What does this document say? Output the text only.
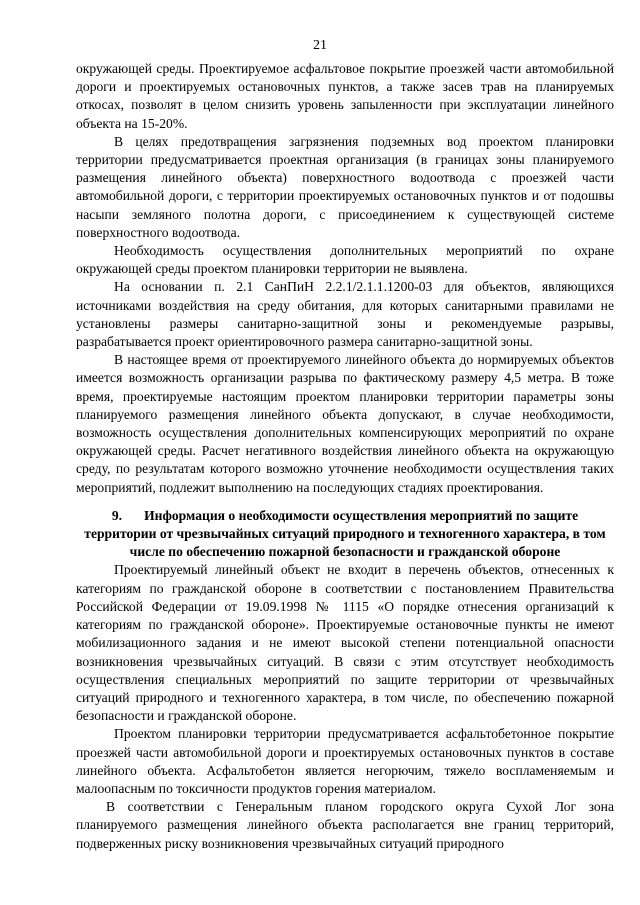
21

окружающей среды. Проектируемое асфальтовое покрытие проезжей части автомобильной дороги и проектируемых остановочных пунктов, а также засев трав на планируемых откосах, позволят в целом снизить уровень запыленности при эксплуатации линейного объекта на 15-20%.

В целях предотвращения загрязнения подземных вод проектом планировки территории предусматривается проектная организация (в границах зоны планируемого размещения линейного объекта) поверхностного водоотвода с проезжей части автомобильной дороги, с территории проектируемых остановочных пунктов и от подошвы насыпи земляного полотна дороги, с присоединением к существующей системе поверхностного водоотвода.

Необходимость осуществления дополнительных мероприятий по охране окружающей среды проектом планировки территории не выявлена.

На основании п. 2.1 СанПиН 2.2.1/2.1.1.1200-03 для объектов, являющихся источниками воздействия на среду обитания, для которых санитарными правилами не установлены размеры санитарно-защитной зоны и рекомендуемые разрывы, разрабатывается проект ориентировочного размера санитарно-защитной зоны.

В настоящее время от проектируемого линейного объекта до нормируемых объектов имеется возможность организации разрыва по фактическому размеру 4,5 метра. В тоже время, проектируемые настоящим проектом планировки территории параметры зоны планируемого размещения линейного объекта допускают, в случае необходимости, возможность осуществления дополнительных компенсирующих мероприятий по охране окружающей среды. Расчет негативного воздействия линейного объекта на окружающую среду, по результатам которого возможно уточнение необходимости осуществления таких мероприятий, подлежит выполнению на последующих стадиях проектирования.

9. Информация о необходимости осуществления мероприятий по защите территории от чрезвычайных ситуаций природного и техногенного характера, в том числе по обеспечению пожарной безопасности и гражданской обороне

Проектируемый линейный объект не входит в перечень объектов, отнесенных к категориям по гражданской обороне в соответствии с постановлением Правительства Российской Федерации от 19.09.1998 № 1115 «О порядке отнесения организаций к категориям по гражданской обороне». Проектируемые остановочные пункты не имеют мобилизационного задания и не имеют высокой степени потенциальной опасности возникновения чрезвычайных ситуаций. В связи с этим отсутствует необходимость осуществления специальных мероприятий по защите территории от чрезвычайных ситуаций природного и техногенного характера, в том числе, по обеспечению пожарной безопасности и гражданской обороне.

Проектом планировки территории предусматривается асфальтобетонное покрытие проезжей части автомобильной дороги и проектируемых остановочных пунктов в составе линейного объекта. Асфальтобетон является негорючим, тяжело воспламеняемым и малоопасным по токсичности продуктов горения материалом.

В соответствии с Генеральным планом городского округа Сухой Лог зона планируемого размещения линейного объекта располагается вне границ территорий, подверженных риску возникновения чрезвычайных ситуаций природного
